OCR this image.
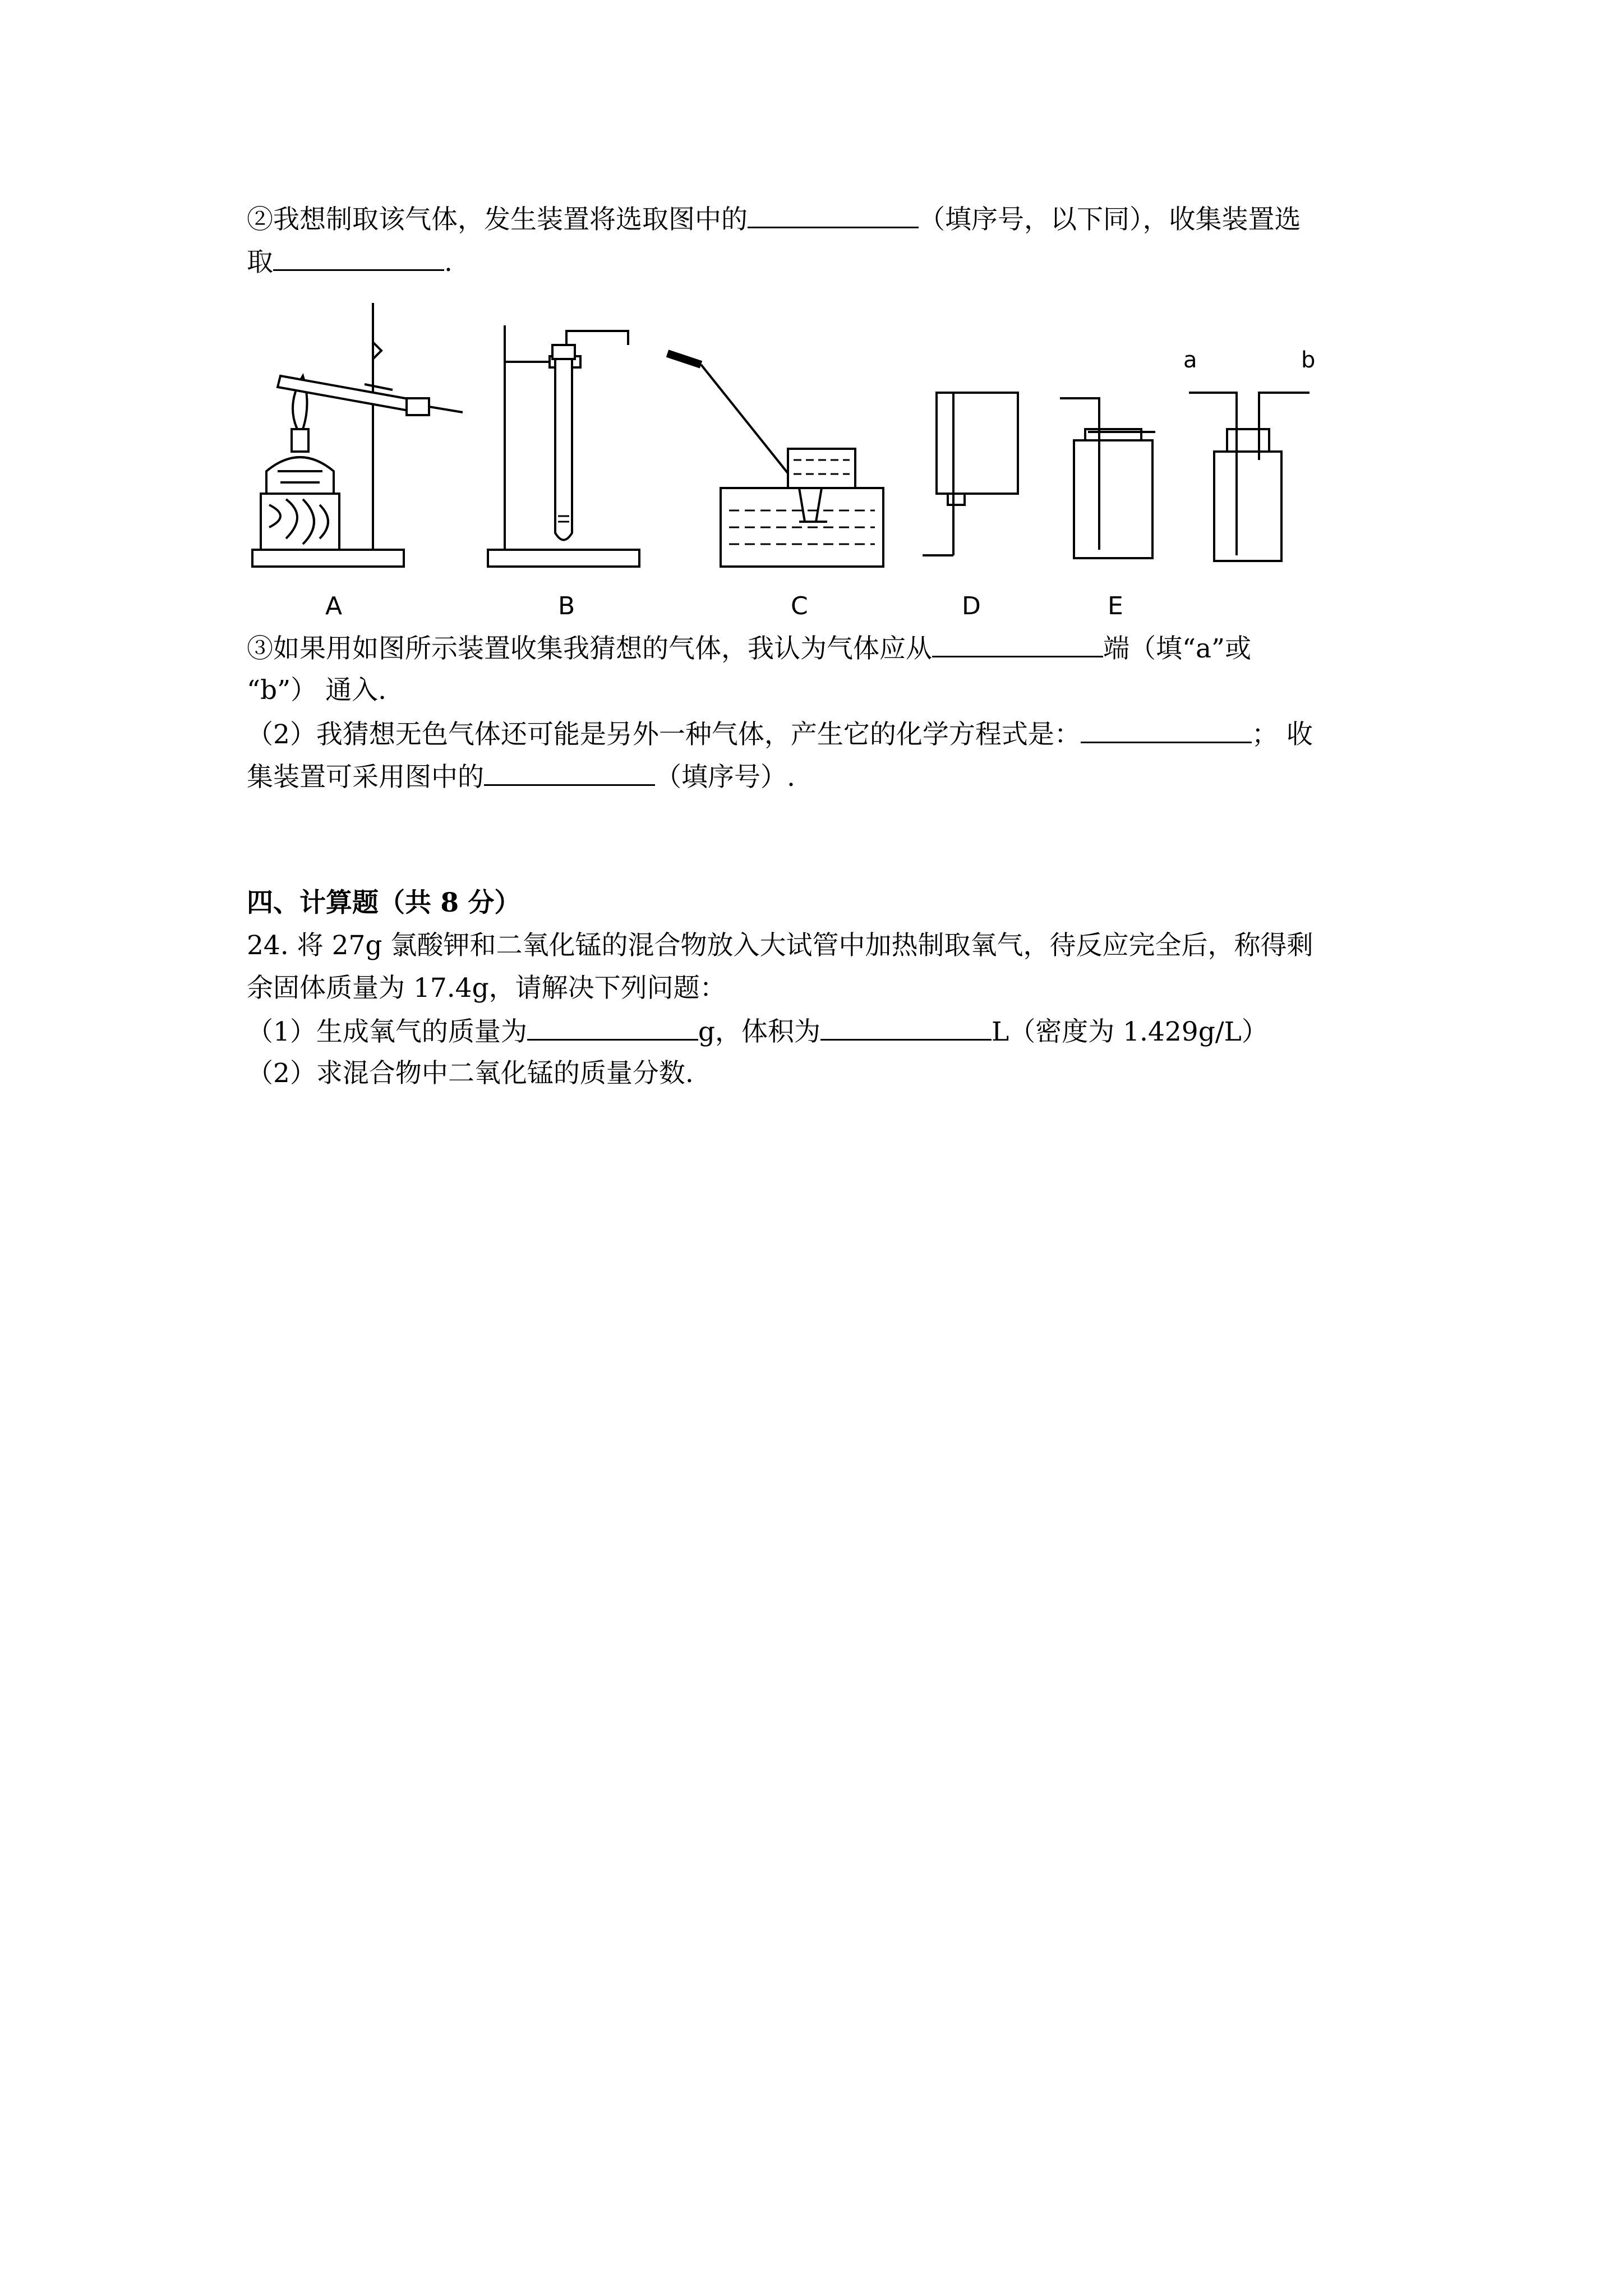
②我想制取该气体，发生装置将选取图中的	（填序号，以下同），收集装置选
取	.
A	B	C	D	E
a	b
③如果用如图所示装置收集我猜想的气体，我认为气体应从	端（填“a”或
“b”） 通入.
（2）我猜想无色气体还可能是另外一种气体，产生它的化学方程式是：	； 收
集装置可采用图中的	（填序号）.
四、计算题（共 8 分）
24. 将 27g 氯酸钾和二氧化锰的混合物放入大试管中加热制取氧气，待反应完全后，称得剩
余固体质量为 17.4g，请解决下列问题：
（1）生成氧气的质量为	g，体积为	L（密度为 1.429g/L）
（2）求混合物中二氧化锰的质量分数.
